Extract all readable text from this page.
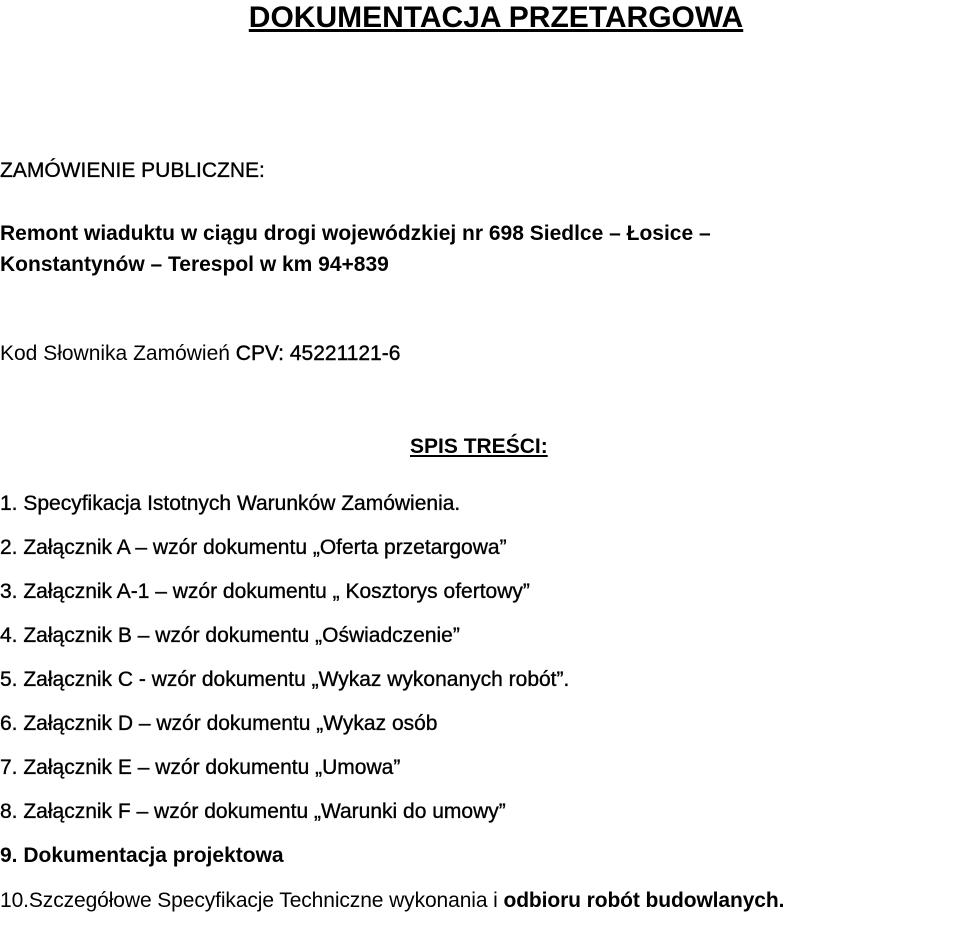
DOKUMENTACJA PRZETARGOWA
ZAMÓWIENIE PUBLICZNE:
Remont wiaduktu w ciągu drogi wojewódzkiej nr 698 Siedlce – Łosice –
Konstantynów – Terespol w km 94+839
Kod Słownika Zamówień CPV: 45221121-6
SPIS TREŚCI:
1. Specyfikacja Istotnych Warunków Zamówienia.
2. Załącznik A – wzór dokumentu „Oferta przetargowa”
3. Załącznik A-1 – wzór dokumentu „ Kosztorys ofertowy”
4. Załącznik B – wzór dokumentu „Oświadczenie”
5. Załącznik C - wzór dokumentu „Wykaz wykonanych robót”.
6. Załącznik D – wzór dokumentu „Wykaz osób
7. Załącznik E – wzór dokumentu „Umowa”
8. Załącznik F – wzór dokumentu „Warunki do umowy”
9. Dokumentacja projektowa
10.Szczegółowe Specyfikacje Techniczne wykonania i odbioru robót budowlanych.
